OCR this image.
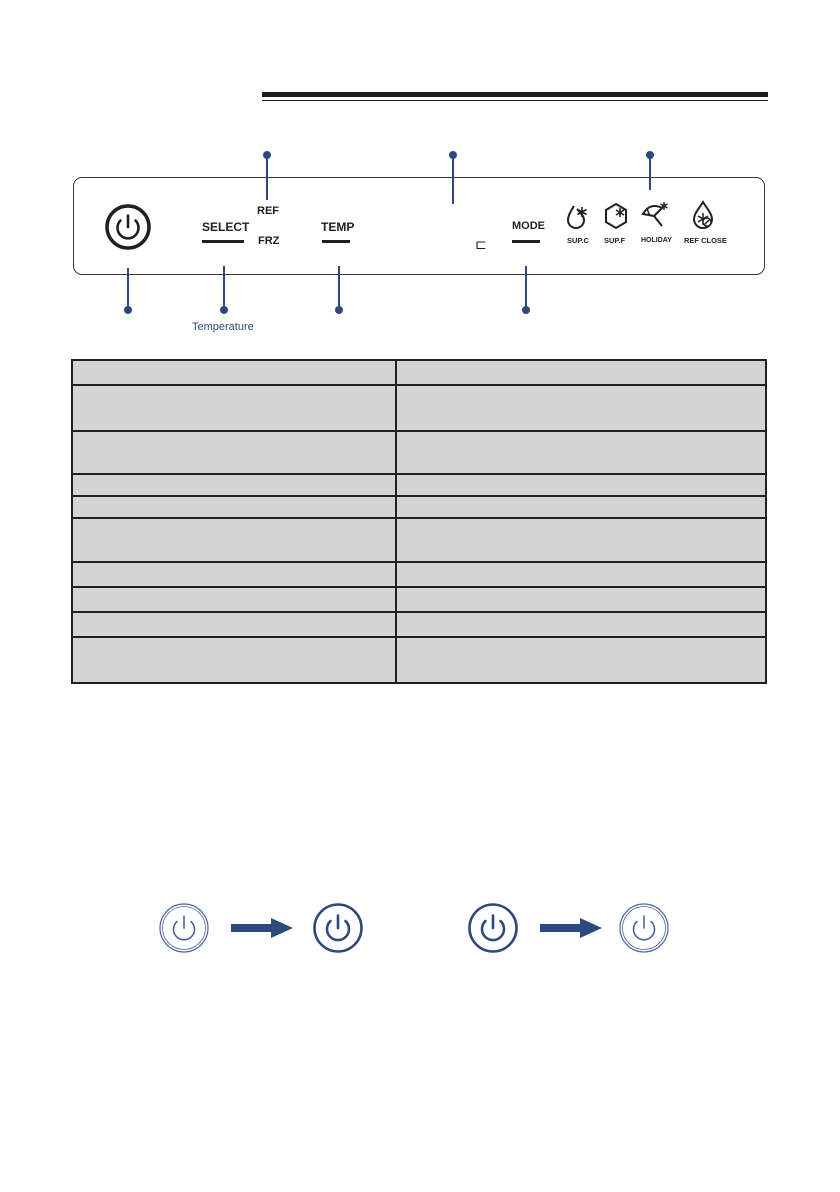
SELECT
REF
FRZ
TEMP
⊏
MODE
SUP.C SUP.F HOLIDAY REF CLOSE
Temperature
